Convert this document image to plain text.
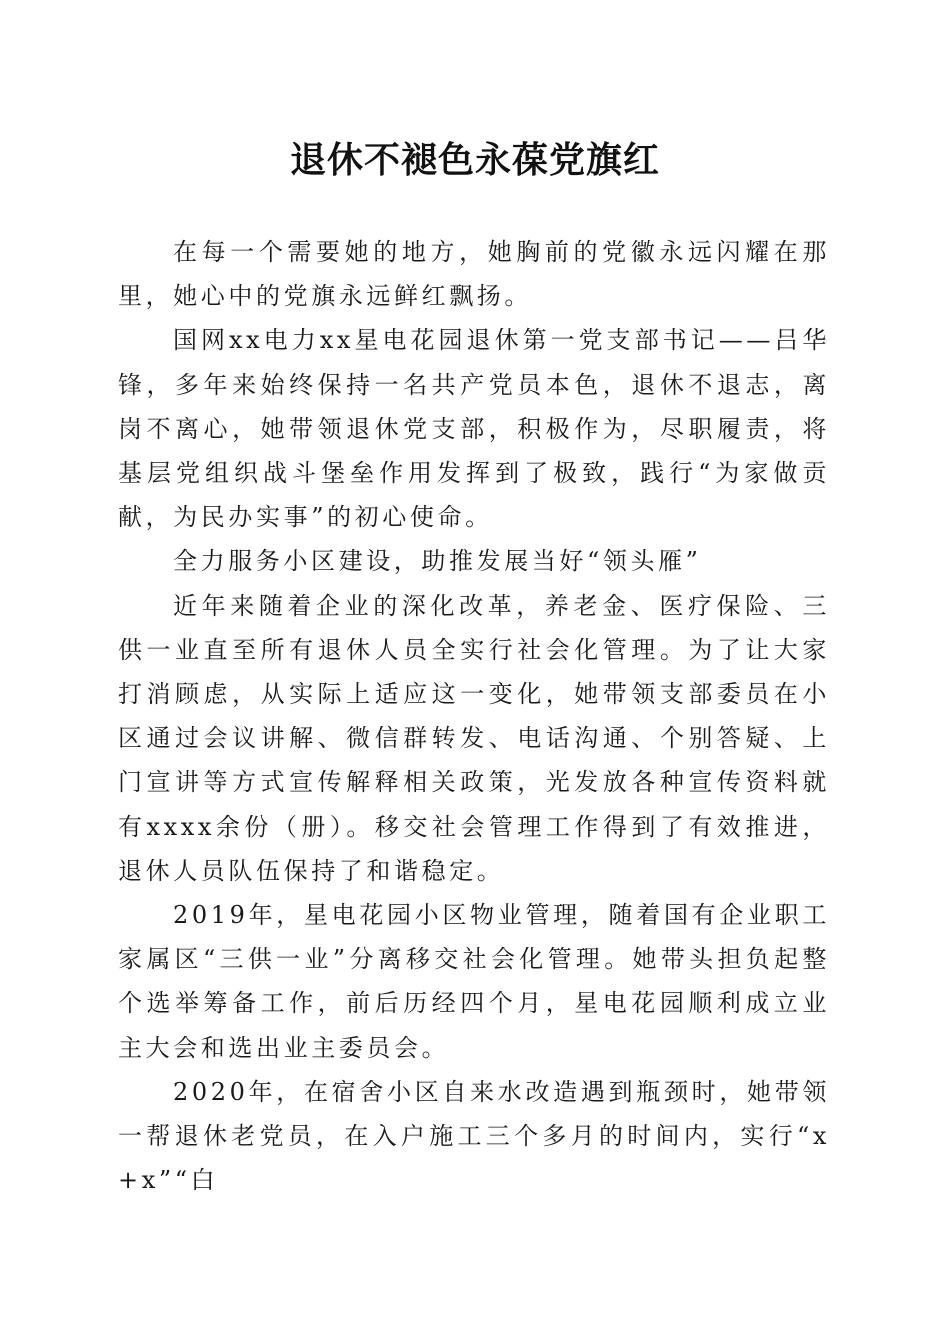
退休不褪色永葆党旗红

在每一个需要她的地方，她胸前的党徽永远闪耀在那里，她心中的党旗永远鲜红飘扬。

国网xx电力xx星电花园退休第一党支部书记——吕华锋，多年来始终保持一名共产党员本色，退休不退志，离岗不离心，她带领退休党支部，积极作为，尽职履责，将基层党组织战斗堡垒作用发挥到了极致，践行“为家做贡献，为民办实事”的初心使命。

全力服务小区建设，助推发展当好“领头雁”

近年来随着企业的深化改革，养老金、医疗保险、三供一业直至所有退休人员全实行社会化管理。为了让大家打消顾虑，从实际上适应这一变化，她带领支部委员在小区通过会议讲解、微信群转发、电话沟通、个别答疑、上门宣讲等方式宣传解释相关政策，光发放各种宣传资料就有xxxx余份（册）。移交社会管理工作得到了有效推进，退休人员队伍保持了和谐稳定。

2019年，星电花园小区物业管理，随着国有企业职工家属区“三供一业”分离移交社会化管理。她带头担负起整个选举筹备工作，前后历经四个月，星电花园顺利成立业主大会和选出业主委员会。

2020年，在宿舍小区自来水改造遇到瓶颈时，她带领一帮退休老党员，在入户施工三个多月的时间内，实行“x+x”“白
